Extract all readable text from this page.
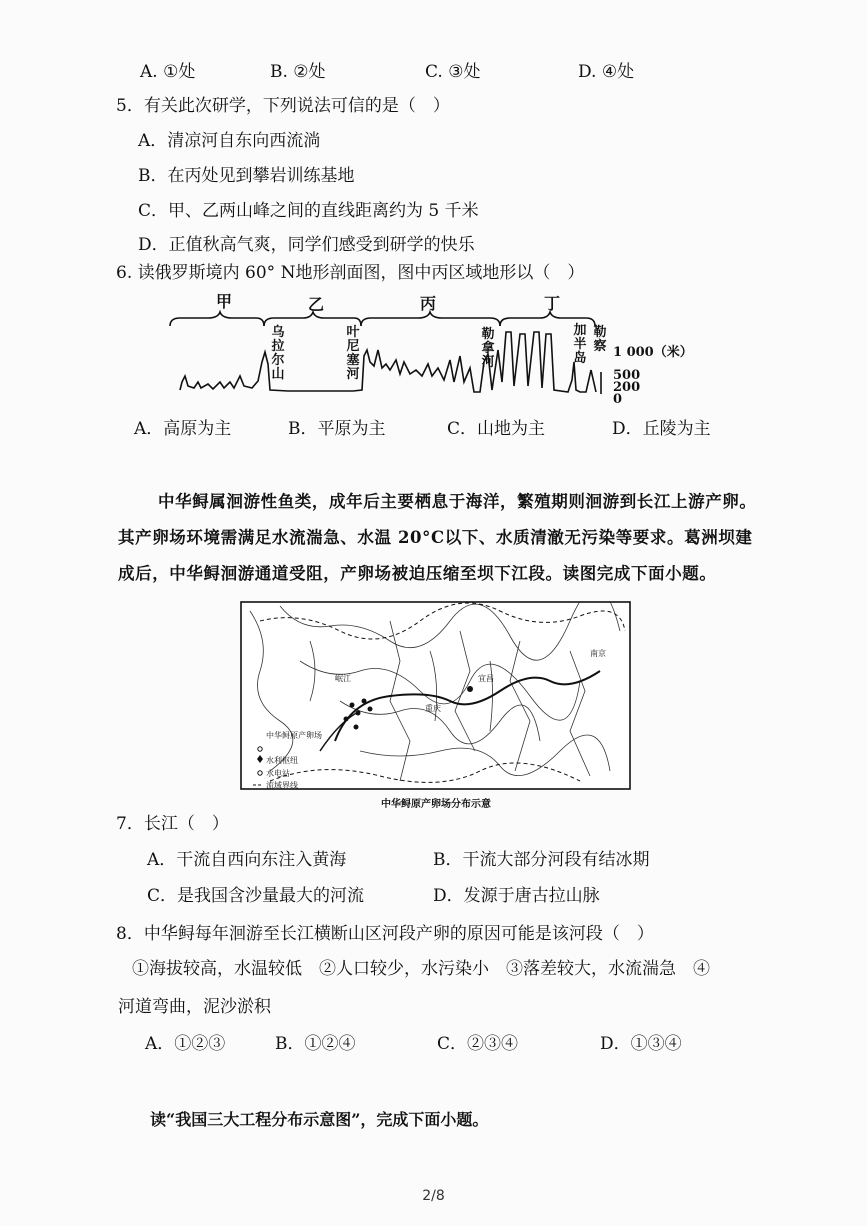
A. ①处	B. ②处	C. ③处	D. ④处
5．有关此次研学，下列说法可信的是（　）
A．清凉河自东向西流淌
B．在丙处见到攀岩训练基地
C．甲、乙两山峰之间的直线距离约为 5 千米
D．正值秋高气爽，同学们感受到研学的快乐
6. 读俄罗斯境内 60° N地形剖面图，图中丙区域地形以（　）
甲	乙	丙	丁
乌拉尔山
叶尼塞河
勒拿河
加半岛
勒察 1 000（米）
500
200
0
A．高原为主	B．平原为主	C．山地为主	D．丘陵为主
中华鲟属洄游性鱼类，成年后主要栖息于海洋，繁殖期则洄游到长江上游产卵。其产卵场环境需满足水流湍急、水温 20°C以下、水质清澈无污染等要求。葛洲坝建成后，中华鲟洄游通道受阻，产卵场被迫压缩至坝下江段。读图完成下面小题。
宜昌
重庆
岷江
南京
中华鲟原产卵场
水利枢纽
水电站
流域界线
中华鲟原产卵场分布示意
7．长江（　）
A．干流自西向东注入黄海	B．干流大部分河段有结冰期
C．是我国含沙量最大的河流	D．发源于唐古拉山脉
8．中华鲟每年洄游至长江横断山区河段产卵的原因可能是该河段（　）
①海拔较高，水温较低　②人口较少，水污染小　③落差较大，水流湍急　④
河道弯曲，泥沙淤积
A．①②③	B．①②④	C．②③④	D．①③④
读“我国三大工程分布示意图”，完成下面小题。
2/8
